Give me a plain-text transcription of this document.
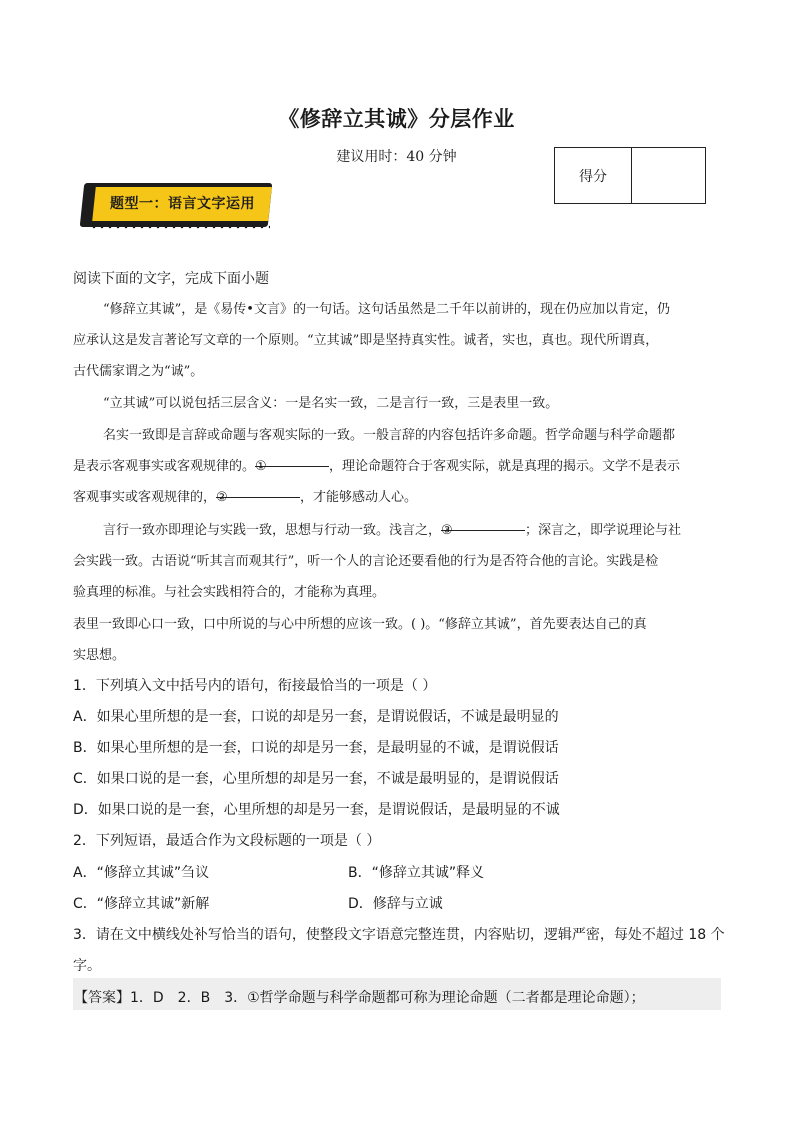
《修辞立其诚》分层作业
建议用时：40 分钟
得分
题型一：语言文字运用
阅读下面的文字，完成下面小题
“修辞立其诚”，是《易传•文言》的一句话。这句话虽然是二千年以前讲的，现在仍应加以肯定，仍
应承认这是发言著论写文章的一个原则。“立其诚”即是坚持真实性。诚者，实也，真也。现代所谓真，
古代儒家谓之为“诚”。
“立其诚”可以说包括三层含义：一是名实一致，二是言行一致，三是表里一致。
名实一致即是言辞或命题与客观实际的一致。一般言辞的内容包括许多命题。哲学命题与科学命题都
是表示客观事实或客观规律的。①	，理论命题符合于客观实际，就是真理的揭示。文学不是表示
客观事实或客观规律的，②	，才能够感动人心。
言行一致亦即理论与实践一致，思想与行动一致。浅言之，③	；深言之，即学说理论与社
会实践一致。古语说“听其言而观其行”，听一个人的言论还要看他的行为是否符合他的言论。实践是检
验真理的标准。与社会实践相符合的，才能称为真理。
表里一致即心口一致，口中所说的与心中所想的应该一致。( )。“修辞立其诚”，首先要表达自己的真
实思想。
1．下列填入文中括号内的语句，衔接最恰当的一项是（ ）
A．如果心里所想的是一套，口说的却是另一套，是谓说假话，不诚是最明显的
B．如果心里所想的是一套，口说的却是另一套，是最明显的不诚，是谓说假话
C．如果口说的是一套，心里所想的却是另一套，不诚是最明显的，是谓说假话
D．如果口说的是一套，心里所想的却是另一套，是谓说假话，是最明显的不诚
2．下列短语，最适合作为文段标题的一项是（ ）
A．“修辞立其诚”刍议	B．“修辞立其诚”释义
C．“修辞立其诚”新解	D．修辞与立诚
3．请在文中横线处补写恰当的语句，使整段文字语意完整连贯，内容贴切，逻辑严密，每处不超过 18 个
字。
【答案】1．D　2．B　3．①哲学命题与科学命题都可称为理论命题（二者都是理论命题）；
